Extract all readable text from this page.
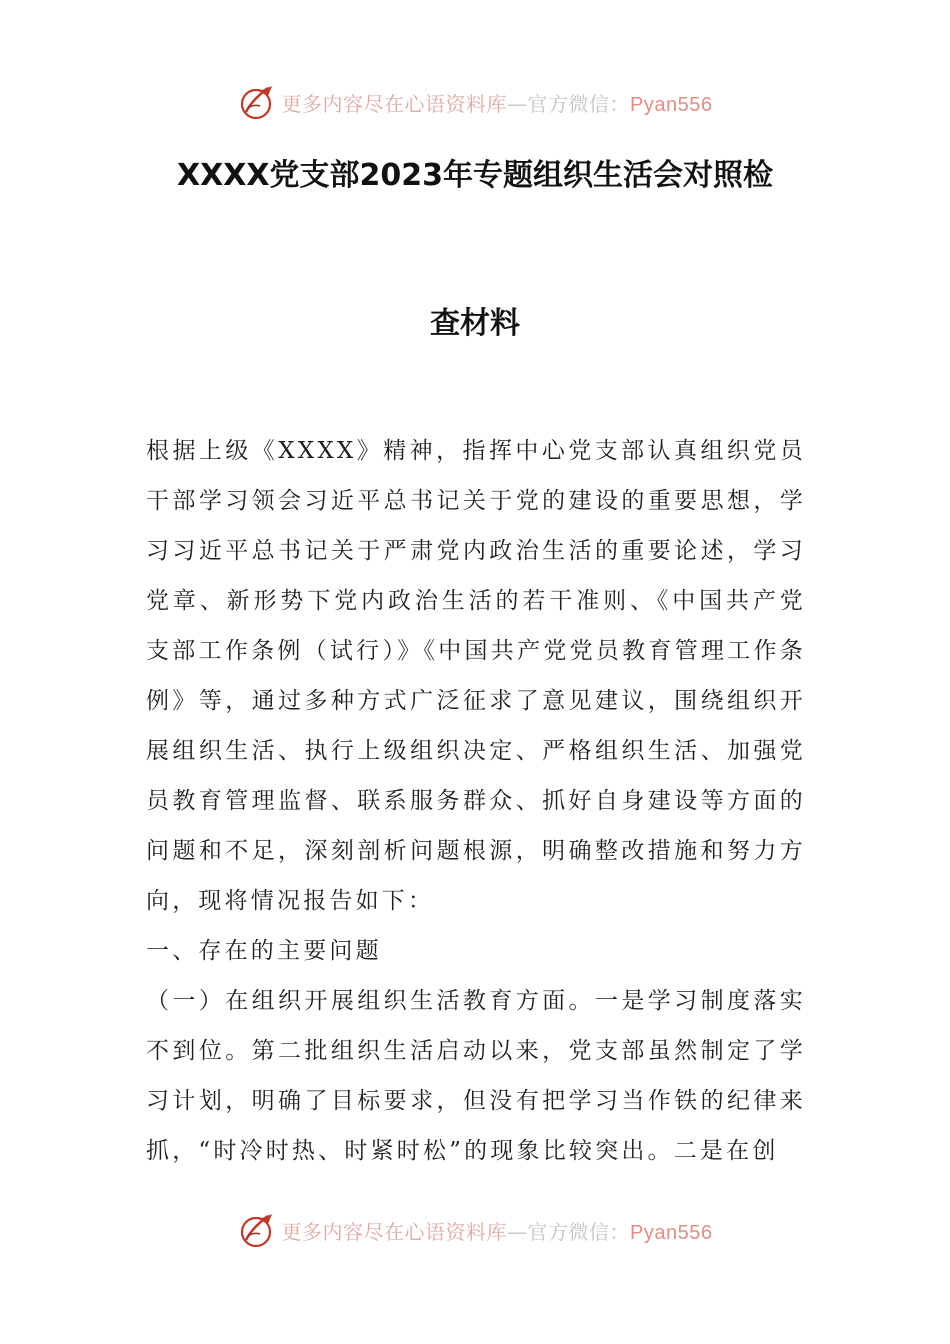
更多内容尽在心语资料库—官方微信：Pyan556
XXXX党支部2023年专题组织生活会对照检
查材料

根据上级《XXXX》精神，指挥中心党支部认真组织党员干部学习领会习近平总书记关于党的建设的重要思想，学习习近平总书记关于严肃党内政治生活的重要论述，学习党章、新形势下党内政治生活的若干准则、《中国共产党支部工作条例（试行）》《中国共产党党员教育管理工作条例》等，通过多种方式广泛征求了意见建议，围绕组织开展组织生活、执行上级组织决定、严格组织生活、加强党员教育管理监督、联系服务群众、抓好自身建设等方面的问题和不足，深刻剖析问题根源，明确整改措施和努力方向，现将情况报告如下：

一、存在的主要问题

（一）在组织开展组织生活教育方面。一是学习制度落实不到位。第二批组织生活启动以来，党支部虽然制定了学习计划，明确了目标要求，但没有把学习当作铁的纪律来抓，“时冷时热、时紧时松”的现象比较突出。二是在创

更多内容尽在心语资料库—官方微信：Pyan556
